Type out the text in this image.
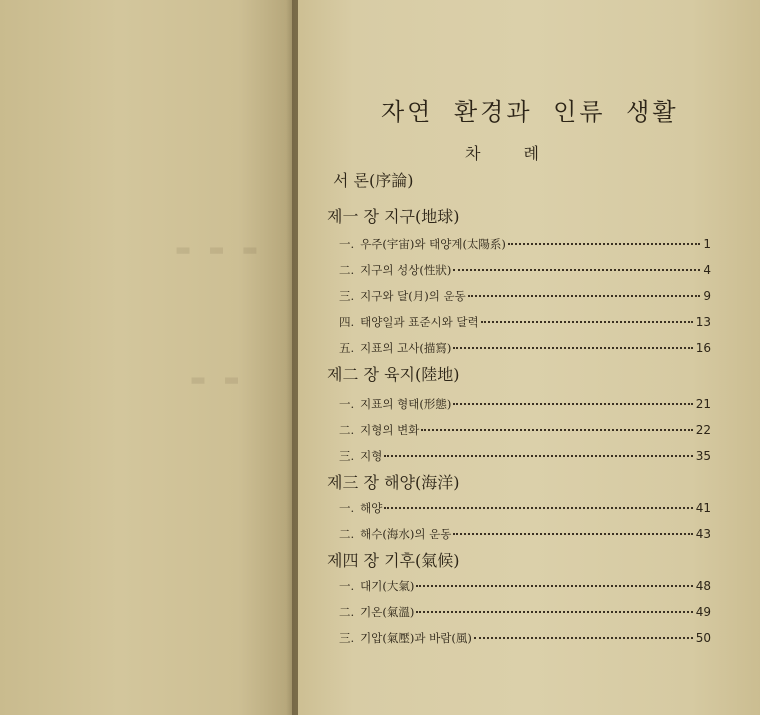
▬ ▬ ▬
▬ ▬
자연 환경과 인류 생활
차 례
서 론(序論)
제一 장 지구(地球)
一. 우주(宇宙)와 태양계(太陽系)	1
二. 지구의 성상(性狀)	4
三. 지구와 달(月)의 운동	9
四. 태양일과 표준시와 달력	13
五. 지표의 고사(描寫)	16
제二 장 육지(陸地)
一. 지표의 형태(形態)	21
二. 지형의 변화	22
三. 지형	35
제三 장 해양(海洋)
一. 해양	41
二. 해수(海水)의 운동	43
제四 장 기후(氣候)
一. 대기(大氣)	48
二. 기온(氣溫)	49
三. 기압(氣壓)과 바람(風)	50
